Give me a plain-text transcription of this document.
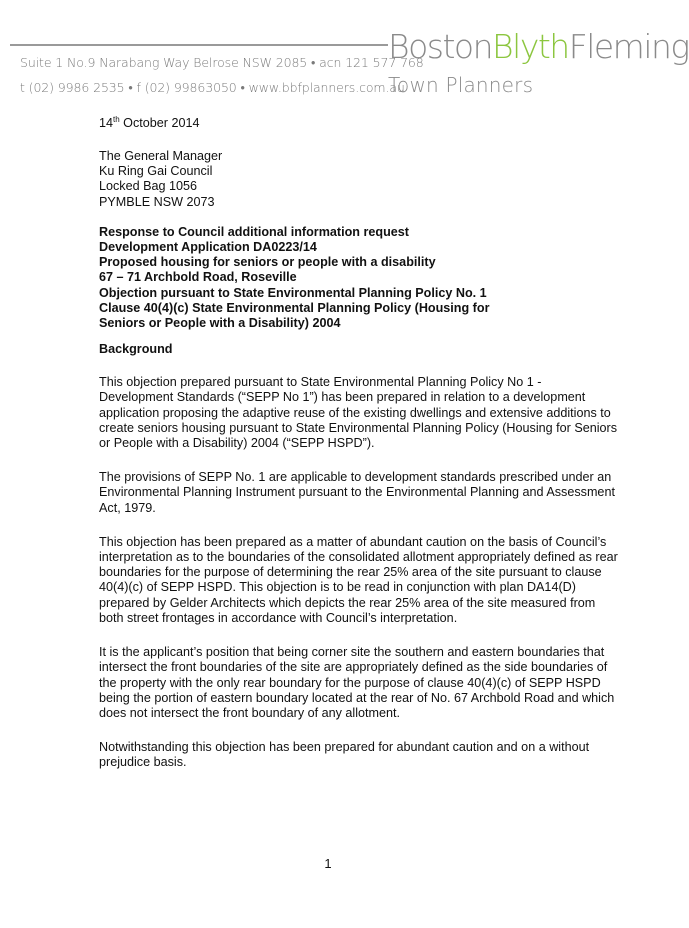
Suite 1 No.9 Narabang Way Belrose NSW 2085 • acn 121 577 768
t (02) 9986 2535 • f (02) 99863050 • www.bbfplanners.com.au
BostonBlythFleming
Town Planners
14th October 2014
The General Manager
Ku Ring Gai Council
Locked Bag 1056
PYMBLE NSW 2073
Response to Council additional information request
Development Application DA0223/14
Proposed housing for seniors or people with a disability
67 – 71 Archbold Road, Roseville
Objection pursuant to State Environmental Planning Policy No. 1
Clause 40(4)(c) State Environmental Planning Policy (Housing for
Seniors or People with a Disability) 2004
Background

This objection prepared pursuant to State Environmental Planning Policy No 1 - Development Standards (“SEPP No 1”) has been prepared in relation to a development application proposing the adaptive reuse of the existing dwellings and extensive additions to create seniors housing pursuant to State Environmental Planning Policy (Housing for Seniors or People with a Disability) 2004 (“SEPP HSPD”).

The provisions of SEPP No. 1 are applicable to development standards prescribed under an Environmental Planning Instrument pursuant to the Environmental Planning and Assessment Act, 1979.

This objection has been prepared as a matter of abundant caution on the basis of Council’s interpretation as to the boundaries of the consolidated allotment appropriately defined as rear boundaries for the purpose of determining the rear 25% area of the site pursuant to clause 40(4)(c) of SEPP HSPD. This objection is to be read in conjunction with plan DA14(D) prepared by Gelder Architects which depicts the rear 25% area of the site measured from both street frontages in accordance with Council’s interpretation.

It is the applicant’s position that being corner site the southern and eastern boundaries that intersect the front boundaries of the site are appropriately defined as the side boundaries of the property with the only rear boundary for the purpose of clause 40(4)(c) of SEPP HSPD being the portion of eastern boundary located at the rear of No. 67 Archbold Road and which does not intersect the front boundary of any allotment.

Notwithstanding this objection has been prepared for abundant caution and on a without prejudice basis.

1
